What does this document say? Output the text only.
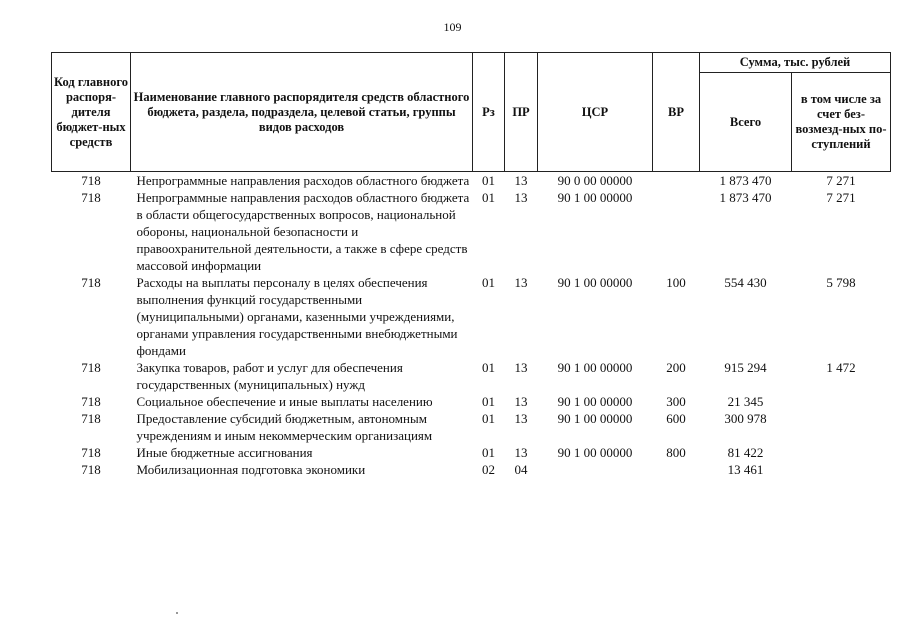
109
Код главного распоря-дителя бюджет-ных средств	Наименование главного распорядителя средств областного бюджета, раздела, подраздела, целевой статьи, группы видов расходов	Рз	ПР	ЦСР	ВР	Сумма, тыс. рублей	
						Всего	в том числе за счет без-возмезд-ных по-ступлений
718	Непрограммные направления расходов областного бюджета	01	13	90 0 00 00000		1 873 470	7 271
718	Непрограммные направления расходов областного бюджета в области общегосударственных вопросов, национальной обороны, национальной безопасности и правоохранительной деятельности, а также в сфере средств массовой информации	01	13	90 1 00 00000		1 873 470	7 271
718	Расходы на выплаты персоналу в целях обеспечения выполнения функций государственными (муниципальными) органами, казенными учреждениями, органами управления государственными внебюджетными фондами	01	13	90 1 00 00000	100	554 430	5 798
718	Закупка товаров, работ и услуг для обеспечения государственных (муниципальных) нужд	01	13	90 1 00 00000	200	915 294	1 472
718	Социальное обеспечение и иные выплаты населению	01	13	90 1 00 00000	300	21 345	
718	Предоставление субсидий бюджетным, автономным учреждениям и иным некоммерческим организациям	01	13	90 1 00 00000	600	300 978	
718	Иные бюджетные ассигнования	01	13	90 1 00 00000	800	81 422	
718	Мобилизационная подготовка экономики	02	04			13 461	
